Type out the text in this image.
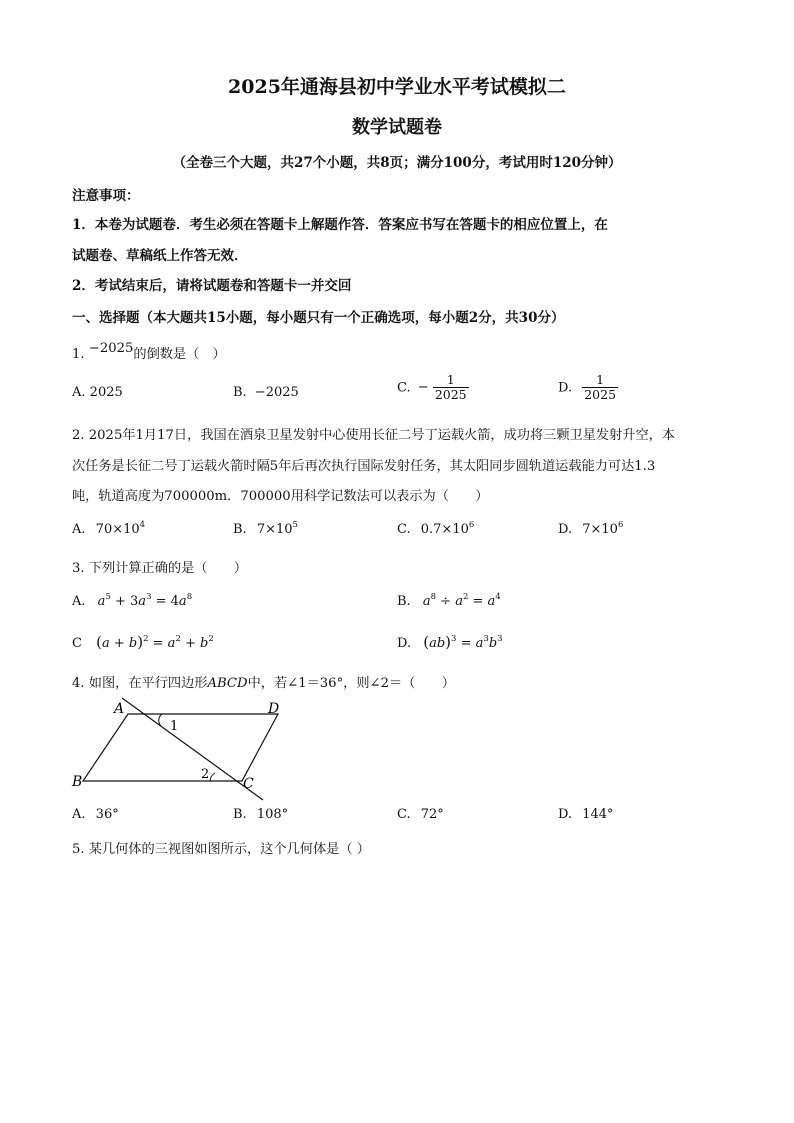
2025年通海县初中学业水平考试模拟二
数学试题卷
（全卷三个大题，共27个小题，共8页；满分100分，考试用时120分钟）
注意事项：
1．本卷为试题卷．考生必须在答题卡上解题作答．答案应书写在答题卡的相应位置上，在
试题卷、草稿纸上作答无效．
2．考试结束后，请将试题卷和答题卡一并交回
一、选择题（本大题共15小题，每小题只有一个正确选项，每小题2分，共30分）
1. −2025的倒数是（　）
A. 2025	B. −2025	C. − $\frac{1}{2025}$	D. $\frac{1}{2025}$
2. 2025年1月17日，我国在酒泉卫星发射中心使用长征二号丁运载火箭，成功将三颗卫星发射升空，本
次任务是长征二号丁运载火箭时隔5年后再次执行国际发射任务，其太阳同步圆轨道运载能力可达1.3
吨，轨道高度为700000m．700000用科学记数法可以表示为（　　）
A. $70\times 10^4$	B. $7\times 10^5$	C. $0.7\times 10^6$	D. $7\times 10^6$
3. 下列计算正确的是（　　）
A. $a^5 + 3a^3 = 4a^8$	B. $a^8 \div a^2 = a^4$
C $(a + b)^2 = a^2 + b^2$	D. $(ab)^3 = a^3b^3$
4. 如图，在平行四边形ABCD中，若∠1＝36°，则∠2＝（　　）
A	D
B	C
1
2
A. 36°	B. 108°	C. 72°	D. 144°
5. 某几何体的三视图如图所示，这个几何体是（ ）
